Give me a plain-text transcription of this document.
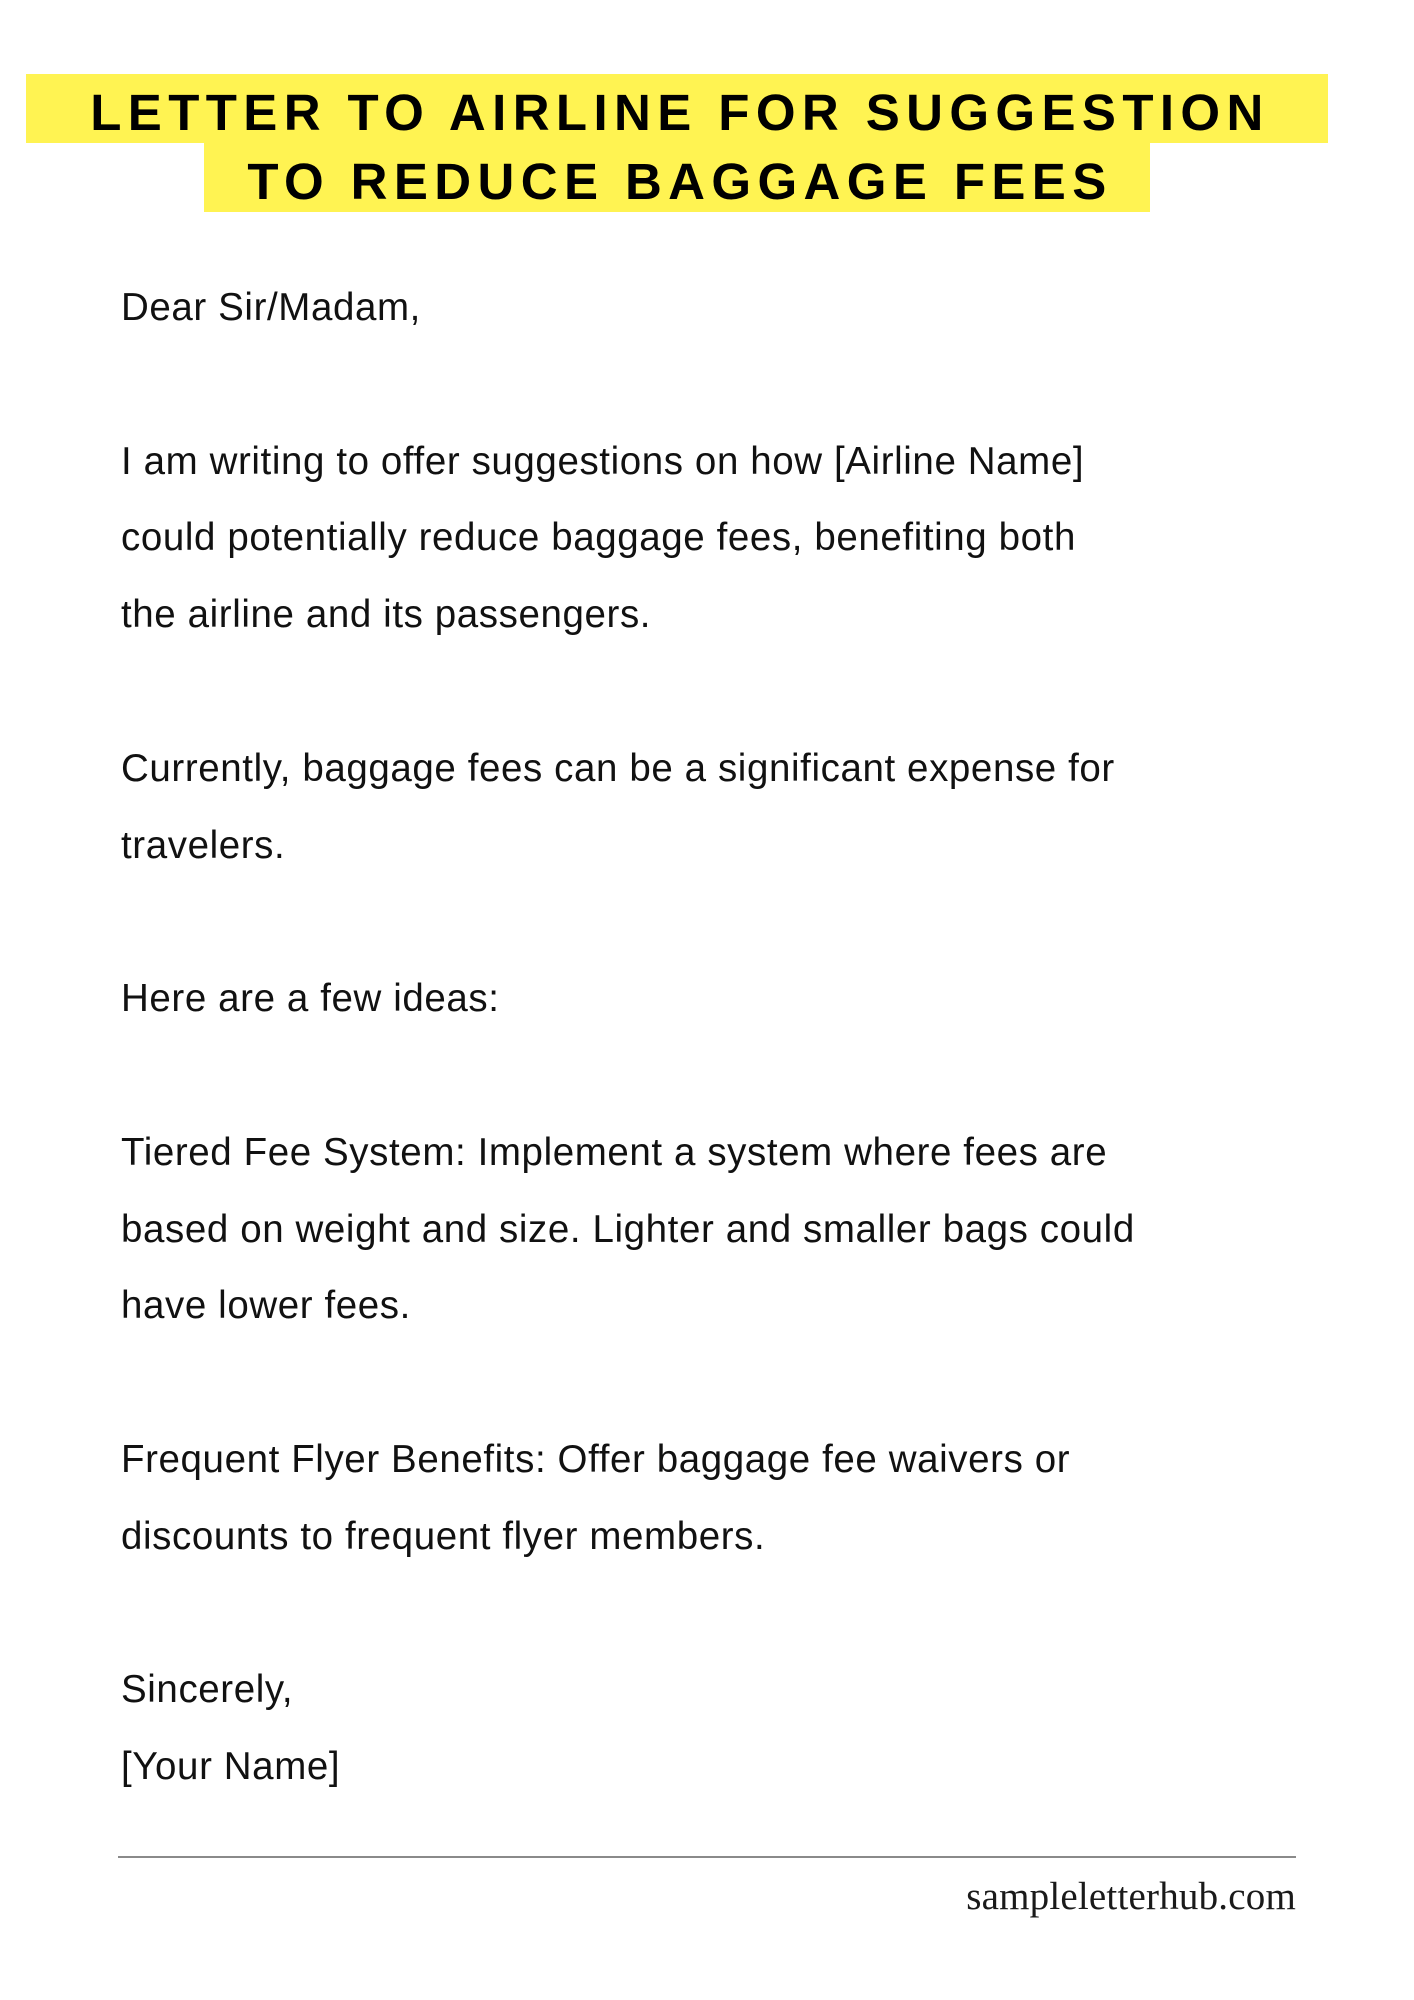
LETTER TO AIRLINE FOR SUGGESTION
TO REDUCE BAGGAGE FEES
Dear Sir/Madam,
I am writing to offer suggestions on how [Airline Name]
could potentially reduce baggage fees, benefiting both
the airline and its passengers.
Currently, baggage fees can be a significant expense for
travelers.
Here are a few ideas:
Tiered Fee System: Implement a system where fees are
based on weight and size. Lighter and smaller bags could
have lower fees.
Frequent Flyer Benefits: Offer baggage fee waivers or
discounts to frequent flyer members.
Sincerely,
[Your Name]
sampleletterhub.com
